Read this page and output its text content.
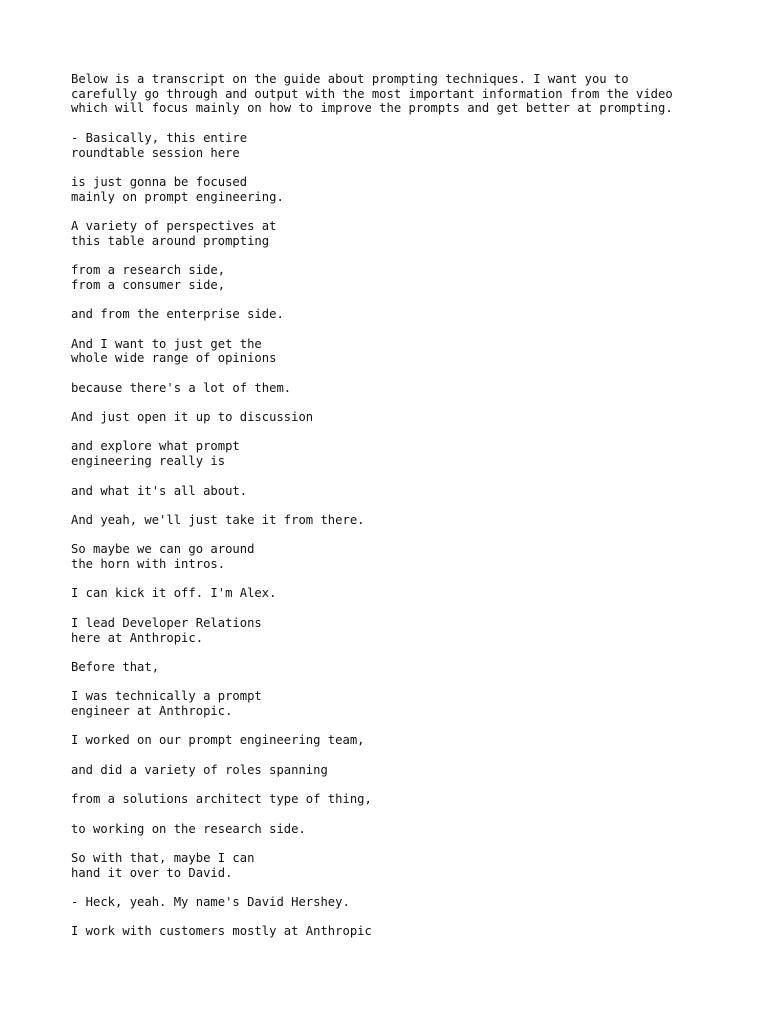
Below is a transcript on the guide about prompting techniques. I want you to
carefully go through and output with the most important information from the video
which will focus mainly on how to improve the prompts and get better at prompting.

- Basically, this entire
roundtable session here

is just gonna be focused
mainly on prompt engineering.

A variety of perspectives at
this table around prompting

from a research side,
from a consumer side,

and from the enterprise side.

And I want to just get the
whole wide range of opinions

because there's a lot of them.

And just open it up to discussion

and explore what prompt
engineering really is

and what it's all about.

And yeah, we'll just take it from there.

So maybe we can go around
the horn with intros.

I can kick it off. I'm Alex.

I lead Developer Relations
here at Anthropic.

Before that,

I was technically a prompt
engineer at Anthropic.

I worked on our prompt engineering team,

and did a variety of roles spanning

from a solutions architect type of thing,

to working on the research side.

So with that, maybe I can
hand it over to David.

- Heck, yeah. My name's David Hershey.

I work with customers mostly at Anthropic
